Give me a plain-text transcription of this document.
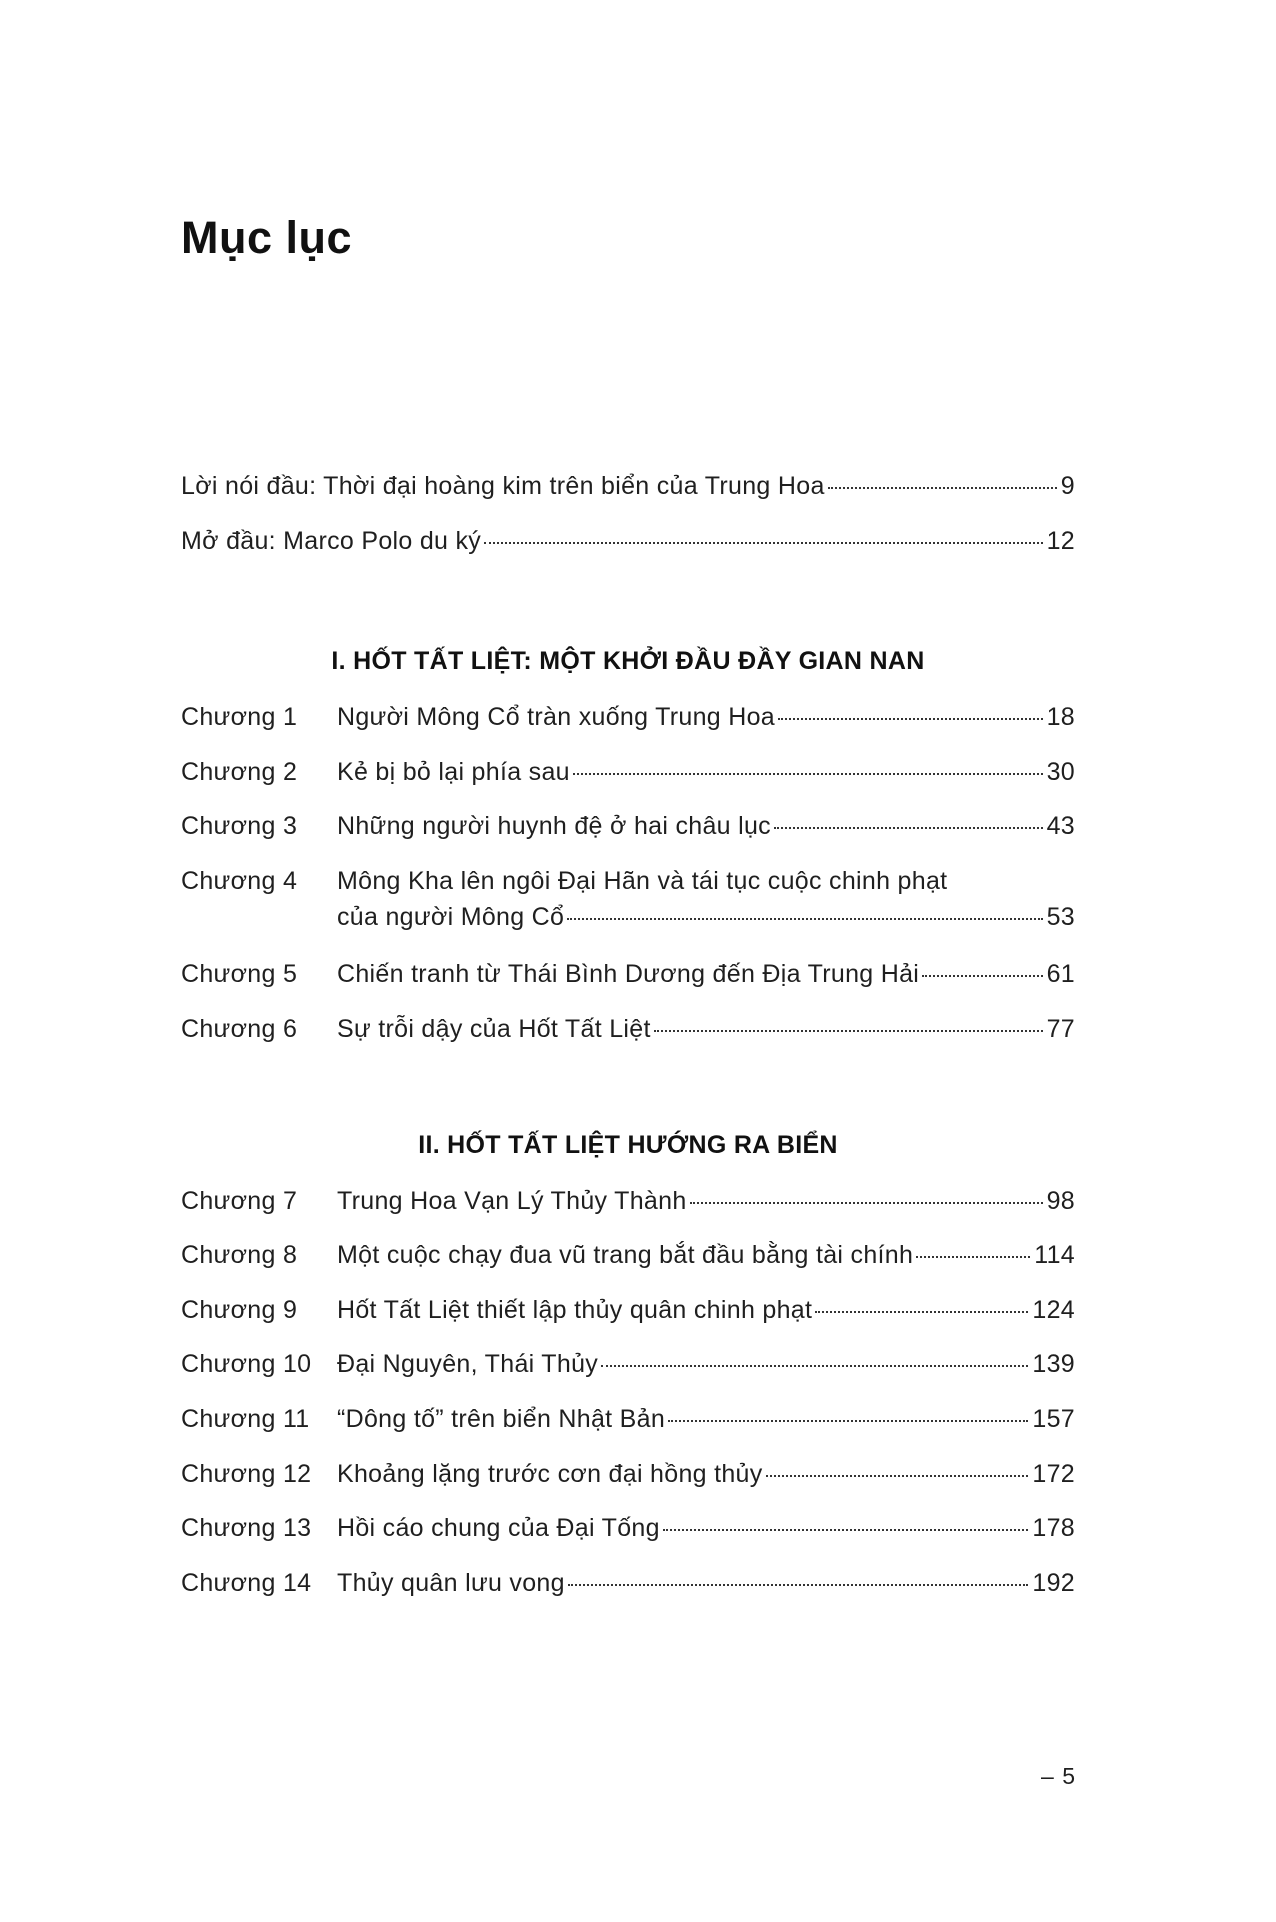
Mục lục
Lời nói đầu: Thời đại hoàng kim trên biển của Trung Hoa	9
Mở đầu: Marco Polo du ký	12
I. HỐT TẤT LIỆT: MỘT KHỞI ĐẦU ĐẦY GIAN NAN
Chương 1 Người Mông Cổ tràn xuống Trung Hoa	18
Chương 2 Kẻ bị bỏ lại phía sau	30
Chương 3 Những người huynh đệ ở hai châu lục	43
Chương 4 Mông Kha lên ngôi Đại Hãn và tái tục cuộc chinh phạt
của người Mông Cổ	53
Chương 5 Chiến tranh từ Thái Bình Dương đến Địa Trung Hải	61
Chương 6 Sự trỗi dậy của Hốt Tất Liệt	77
II. HỐT TẤT LIỆT HƯỚNG RA BIỂN
Chương 7 Trung Hoa Vạn Lý Thủy Thành	98
Chương 8 Một cuộc chạy đua vũ trang bắt đầu bằng tài chính	114
Chương 9 Hốt Tất Liệt thiết lập thủy quân chinh phạt	124
Chương 10 Đại Nguyên, Thái Thủy	139
Chương 11 “Dông tố” trên biển Nhật Bản	157
Chương 12 Khoảng lặng trước cơn đại hồng thủy	172
Chương 13 Hồi cáo chung của Đại Tống	178
Chương 14 Thủy quân lưu vong	192
– 5
